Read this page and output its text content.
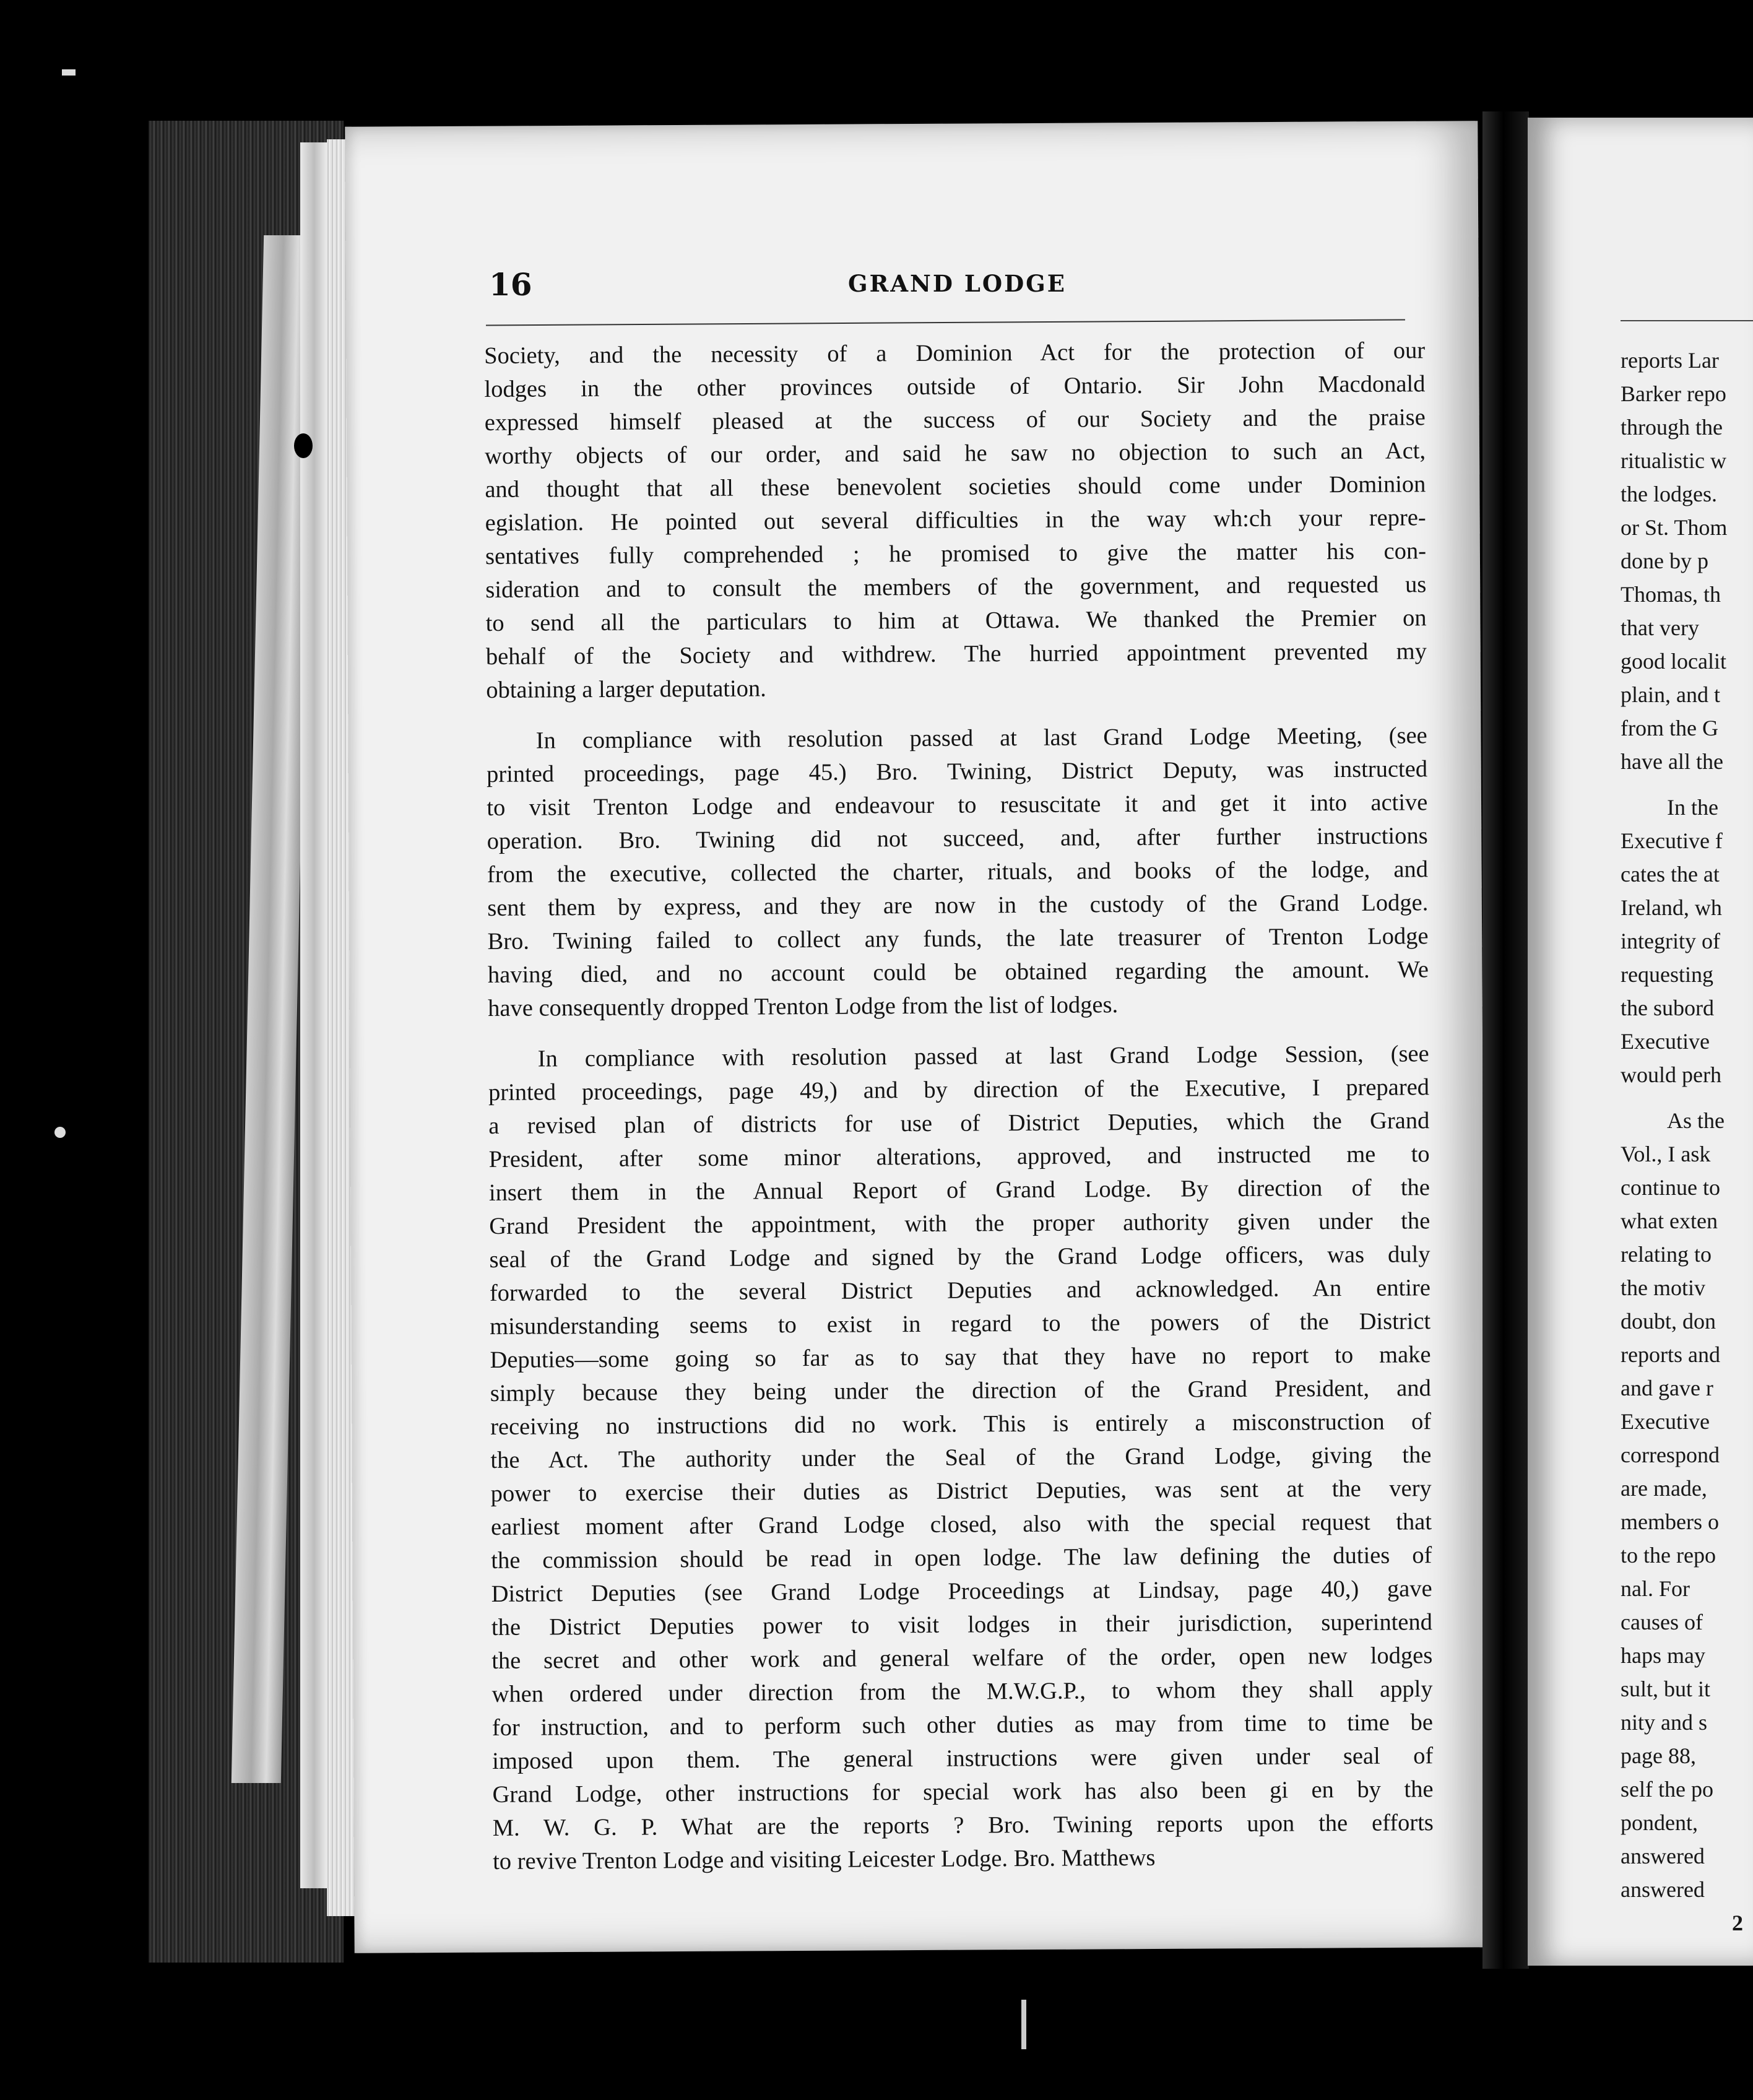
16	GRAND LODGE
Society, and the necessity of a Dominion Act for the protection of our
lodges in the other provinces outside of Ontario. Sir John Macdonald
expressed himself pleased at the success of our Society and the praise
worthy objects of our order, and said he saw no objection to such an Act,
and thought that all these benevolent societies should come under Dominion
egislation. He pointed out several difficulties in the way wh:ch your repre-
sentatives fully comprehended ; he promised to give the matter his con-
sideration and to consult the members of the government, and requested us
to send all the particulars to him at Ottawa. We thanked the Premier on
behalf of the Society and withdrew. The hurried appointment prevented my
obtaining a larger deputation.
In compliance with resolution passed at last Grand Lodge Meeting, (see
printed proceedings, page 45.) Bro. Twining, District Deputy, was instructed
to visit Trenton Lodge and endeavour to resuscitate it and get it into active
operation. Bro. Twining did not succeed, and, after further instructions
from the executive, collected the charter, rituals, and books of the lodge, and
sent them by express, and they are now in the custody of the Grand Lodge.
Bro. Twining failed to collect any funds, the late treasurer of Trenton Lodge
having died, and no account could be obtained regarding the amount. We
have consequently dropped Trenton Lodge from the list of lodges.
In compliance with resolution passed at last Grand Lodge Session, (see
printed proceedings, page 49,) and by direction of the Executive, I prepared
a revised plan of districts for use of District Deputies, which the Grand
President, after some minor alterations, approved, and instructed me to
insert them in the Annual Report of Grand Lodge. By direction of the
Grand President the appointment, with the proper authority given under the
seal of the Grand Lodge and signed by the Grand Lodge officers, was duly
forwarded to the several District Deputies and acknowledged. An entire
misunderstanding seems to exist in regard to the powers of the District
Deputies—some going so far as to say that they have no report to make
simply because they being under the direction of the Grand President, and
receiving no instructions did no work. This is entirely a misconstruction of
the Act. The authority under the Seal of the Grand Lodge, giving the
power to exercise their duties as District Deputies, was sent at the very
earliest moment after Grand Lodge closed, also with the special request that
the commission should be read in open lodge. The law defining the duties of
District Deputies (see Grand Lodge Proceedings at Lindsay, page 40,) gave
the District Deputies power to visit lodges in their jurisdiction, superintend
the secret and other work and general welfare of the order, open new lodges
when ordered under direction from the M.W.G.P., to whom they shall apply
for instruction, and to perform such other duties as may from time to time be
imposed upon them. The general instructions were given under seal of
Grand Lodge, other instructions for special work has also been gi en by the
M. W. G. P. What are the reports ? Bro. Twining reports upon the efforts
to revive Trenton Lodge and visiting Leicester Lodge. Bro. Matthews
reports Lar
Barker repo
through the
ritualistic w
the lodges.
or St. Thom
done by p
Thomas, th
that very
good localit
plain, and t
from the G
have all the
In the
Executive f
cates the at
Ireland, wh
integrity of
requesting
the subord
Executive
would perh
As the
Vol., I ask
continue to
what exten
relating to
the motiv
doubt, don
reports and
and gave r
Executive
correspond
are made,
members o
to the repo
nal. For
causes of
haps may
sult, but it
nity and s
page 88,
self the po
pondent,
answered
answered
2
